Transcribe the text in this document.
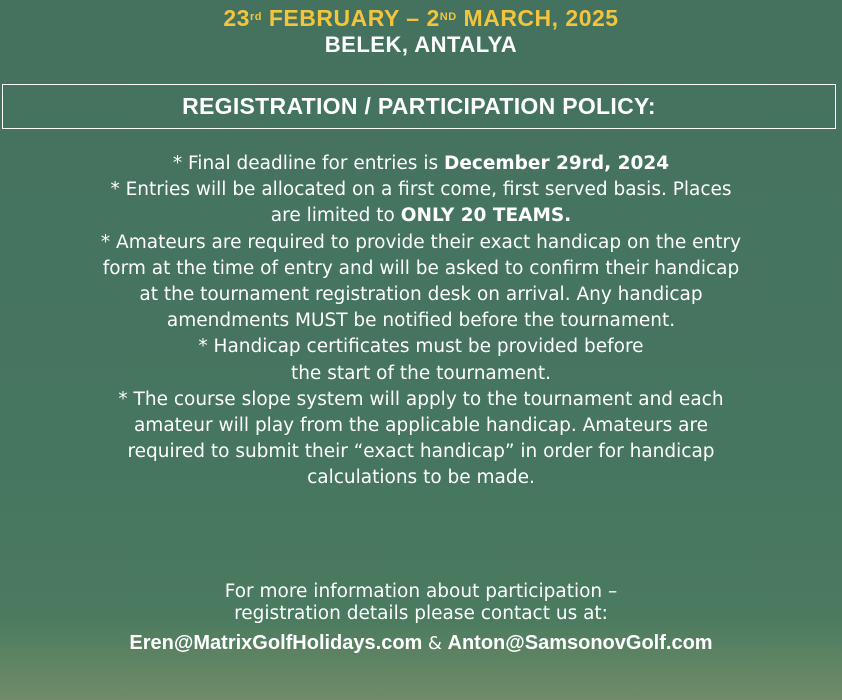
23rd FEBRUARY – 2ND MARCH, 2025
BELEK, ANTALYA
REGISTRATION / PARTICIPATION POLICY:

* Final deadline for entries is December 29rd, 2024

* Entries will be allocated on a first come, first served basis. Places
are limited to ONLY 20 TEAMS.

* Amateurs are required to provide their exact handicap on the entry
form at the time of entry and will be asked to confirm their handicap
at the tournament registration desk on arrival. Any handicap
amendments MUST be notified before the tournament.

* Handicap certificates must be provided before
the start of the tournament.

* The course slope system will apply to the tournament and each
amateur will play from the applicable handicap. Amateurs are
required to submit their “exact handicap” in order for handicap
calculations to be made.

For more information about participation –

registration details please contact us at:

Eren@MatrixGolfHolidays.com & Anton@SamsonovGolf.com
